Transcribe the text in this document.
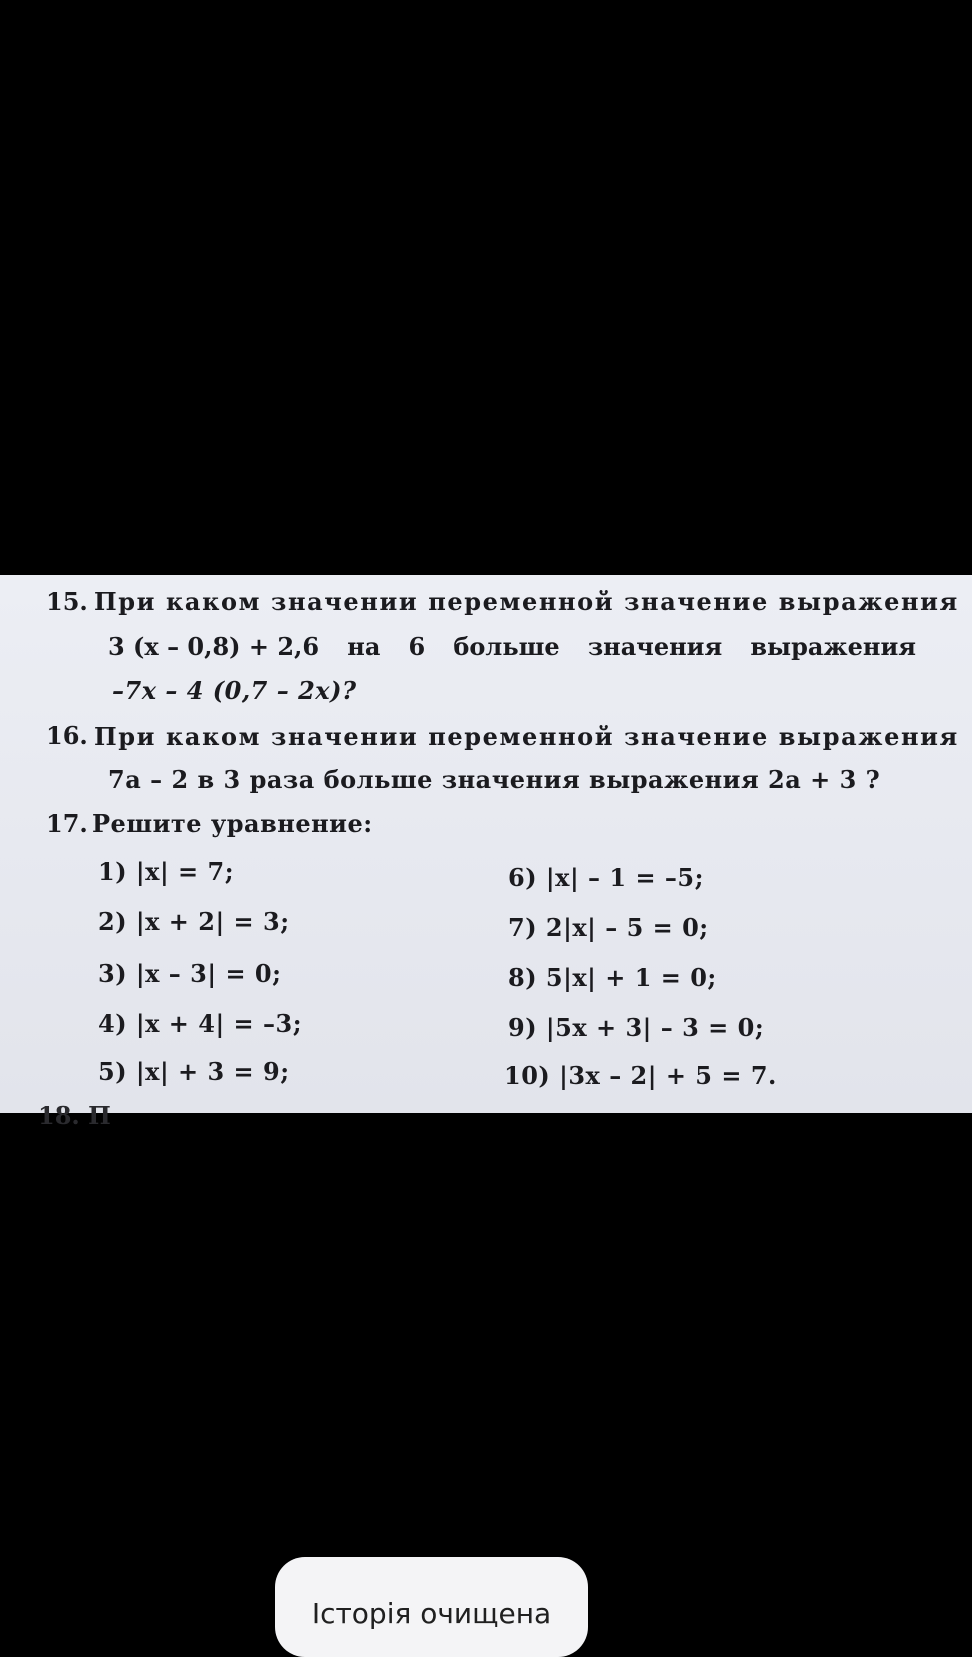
15. При каком значении переменной значение выражения
3 (x – 0,8) + 2,6 на 6 больше значения выражения
–7x – 4 (0,7 – 2x)?
16. При каком значении переменной значение выражения
7a – 2 в 3 раза больше значения выражения 2a + 3 ?
17. Решите уравнение:
1) |x| = 7;
2) |x + 2| = 3;
3) |x – 3| = 0;
4) |x + 4| = –3;
5) |x| + 3 = 9;
6) |x| – 1 = –5;
7) 2|x| – 5 = 0;
8) 5|x| + 1 = 0;
9) |5x + 3| – 3 = 0;
10) |3x – 2| + 5 = 7.
18. П
Історія очищена
